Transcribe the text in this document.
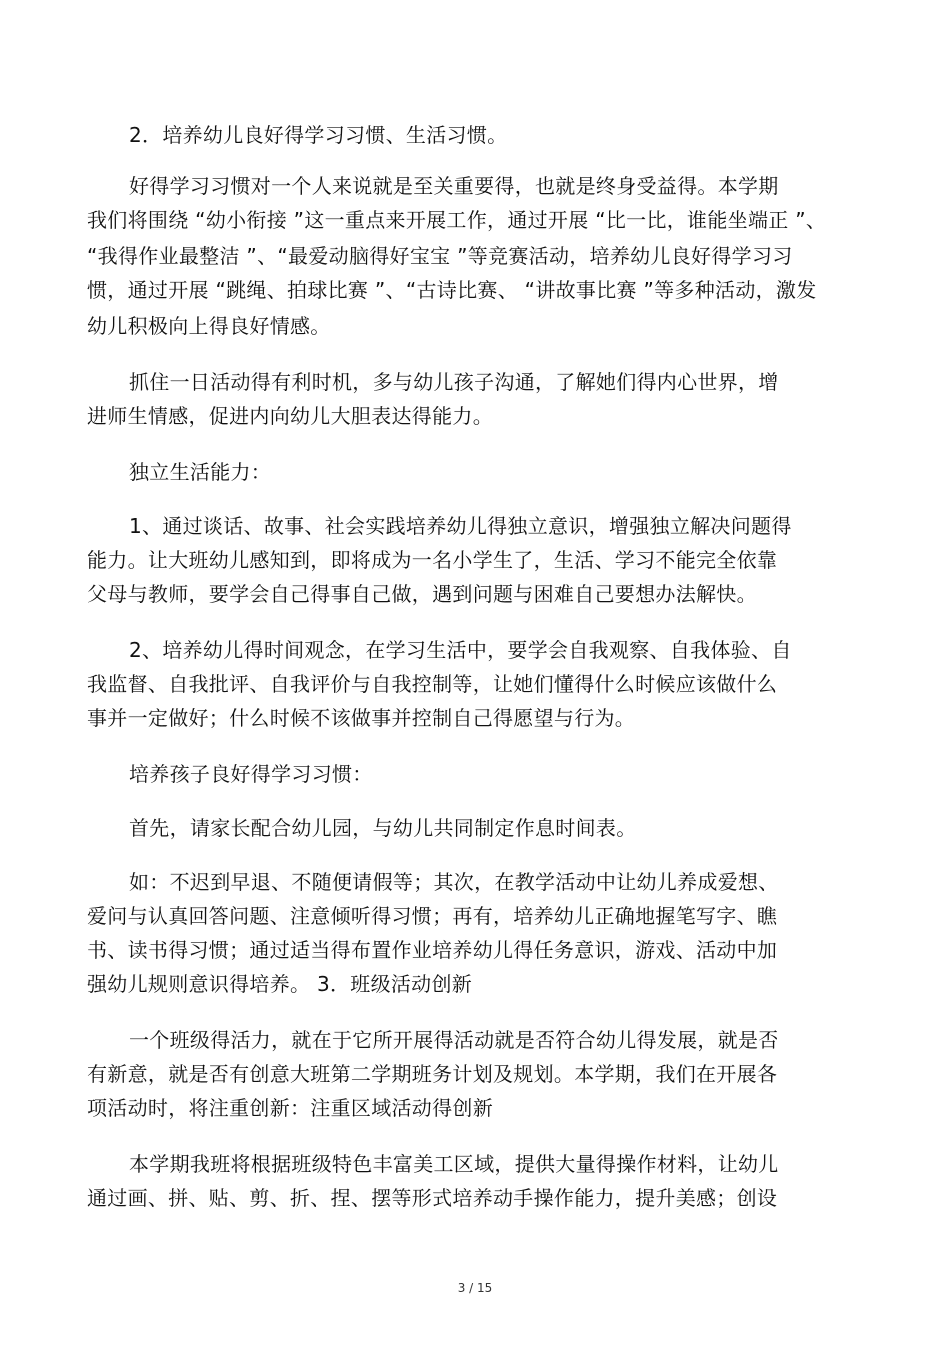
2．培养幼儿良好得学习习惯、生活习惯。
好得学习习惯对一个人来说就是至关重要得，也就是终身受益得。本学期
我们将围绕 “幼小衔接 ”这一重点来开展工作，通过开展 “比一比，谁能坐端正 ”、
“我得作业最整洁 ”、“最爱动脑得好宝宝 ”等竞赛活动，培养幼儿良好得学习习
惯，通过开展 “跳绳、拍球比赛 ”、“古诗比赛、 “讲故事比赛 ”等多种活动，激发
幼儿积极向上得良好情感。
抓住一日活动得有利时机，多与幼儿孩子沟通，了解她们得内心世界，增
进师生情感，促进内向幼儿大胆表达得能力。
独立生活能力：
1、通过谈话、故事、社会实践培养幼儿得独立意识，增强独立解决问题得
能力。让大班幼儿感知到，即将成为一名小学生了，生活、学习不能完全依靠
父母与教师，要学会自己得事自己做，遇到问题与困难自己要想办法解快。
2、培养幼儿得时间观念，在学习生活中，要学会自我观察、自我体验、自
我监督、自我批评、自我评价与自我控制等，让她们懂得什么时候应该做什么
事并一定做好；什么时候不该做事并控制自己得愿望与行为。
培养孩子良好得学习习惯：
首先，请家长配合幼儿园，与幼儿共同制定作息时间表。
如：不迟到早退、不随便请假等；其次，在教学活动中让幼儿养成爱想、
爱问与认真回答问题、注意倾听得习惯；再有，培养幼儿正确地握笔写字、瞧
书、读书得习惯；通过适当得布置作业培养幼儿得任务意识，游戏、活动中加
强幼儿规则意识得培养。 3．班级活动创新
一个班级得活力，就在于它所开展得活动就是否符合幼儿得发展，就是否
有新意，就是否有创意大班第二学期班务计划及规划。本学期，我们在开展各
项活动时，将注重创新：注重区域活动得创新
本学期我班将根据班级特色丰富美工区域，提供大量得操作材料，让幼儿
通过画、拼、贴、剪、折、捏、摆等形式培养动手操作能力，提升美感；创设
3 / 15
